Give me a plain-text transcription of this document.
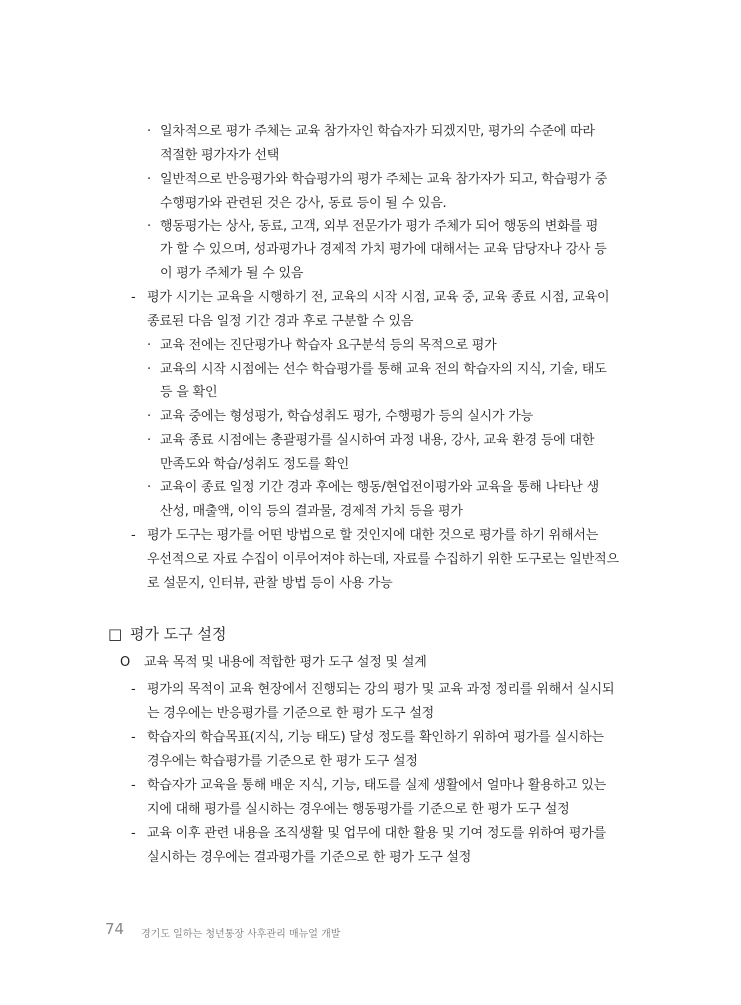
· 일차적으로 평가 주체는 교육 참가자인 학습자가 되겠지만, 평가의 수준에 따라
적절한 평가자가 선택
· 일반적으로 반응평가와 학습평가의 평가 주체는 교육 참가자가 되고, 학습평가 중
수행평가와 관련된 것은 강사, 동료 등이 될 수 있음.
· 행동평가는 상사, 동료, 고객, 외부 전문가가 평가 주체가 되어 행동의 변화를 평
가 할 수 있으며, 성과평가나 경제적 가치 평가에 대해서는 교육 담당자나 강사 등
이 평가 주체가 될 수 있음
- 평가 시기는 교육을 시행하기 전, 교육의 시작 시점, 교육 중, 교육 종료 시점, 교육이
종료된 다음 일정 기간 경과 후로 구분할 수 있음
· 교육 전에는 진단평가나 학습자 요구분석 등의 목적으로 평가
· 교육의 시작 시점에는 선수 학습평가를 통해 교육 전의 학습자의 지식, 기술, 태도
등 을 확인
· 교육 중에는 형성평가, 학습성취도 평가, 수행평가 등의 실시가 가능
· 교육 종료 시점에는 총괄평가를 실시하여 과정 내용, 강사, 교육 환경 등에 대한
만족도와 학습/성취도 정도를 확인
· 교육이 종료 일정 기간 경과 후에는 행동/현업전이평가와 교육을 통해 나타난 생
산성, 매출액, 이익 등의 결과물, 경제적 가치 등을 평가
- 평가 도구는 평가를 어떤 방법으로 할 것인지에 대한 것으로 평가를 하기 위해서는
우선적으로 자료 수집이 이루어져야 하는데, 자료를 수집하기 위한 도구로는 일반적으
로 설문지, 인터뷰, 관찰 방법 등이 사용 가능
□ 평가 도구 설정
O 교육 목적 및 내용에 적합한 평가 도구 설정 및 설계
- 평가의 목적이 교육 현장에서 진행되는 강의 평가 및 교육 과정 정리를 위해서 실시되
는 경우에는 반응평가를 기준으로 한 평가 도구 설정
- 학습자의 학습목표(지식, 기능 태도) 달성 정도를 확인하기 위하여 평가를 실시하는
경우에는 학습평가를 기준으로 한 평가 도구 설정
- 학습자가 교육을 통해 배운 지식, 기능, 태도를 실제 생활에서 얼마나 활용하고 있는
지에 대해 평가를 실시하는 경우에는 행동평가를 기준으로 한 평가 도구 설정
- 교육 이후 관련 내용을 조직생활 및 업무에 대한 활용 및 기여 정도를 위하여 평가를
실시하는 경우에는 결과평가를 기준으로 한 평가 도구 설정
74 경기도 일하는 청년통장 사후관리 매뉴얼 개발
